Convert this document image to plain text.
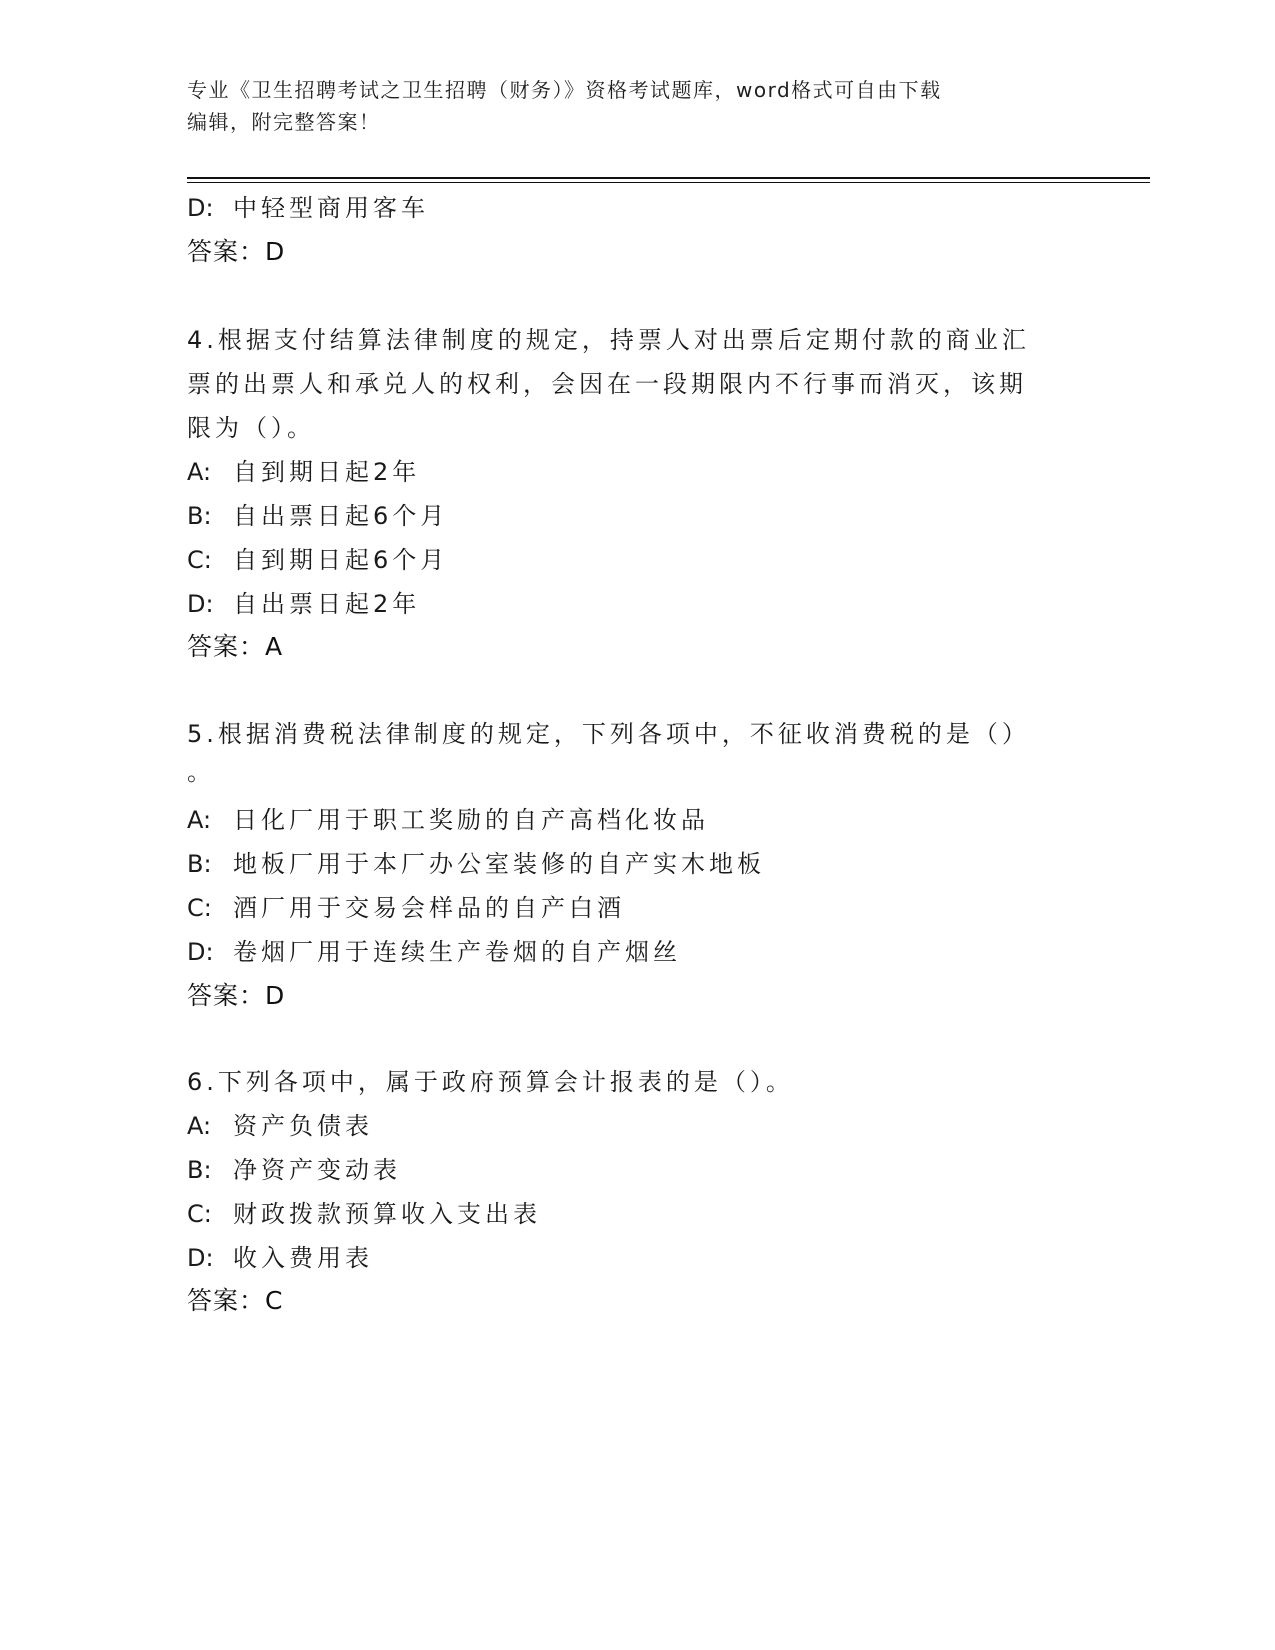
专业《卫生招聘考试之卫生招聘（财务）》资格考试题库，word格式可自由下载
编辑，附完整答案！
D: 中轻型商用客车
答案：D
4.根据支付结算法律制度的规定，持票人对出票后定期付款的商业汇
票的出票人和承兑人的权利，会因在一段期限内不行事而消灭，该期
限为（）。
A: 自到期日起2年
B: 自出票日起6个月
C: 自到期日起6个月
D: 自出票日起2年
答案：A
5.根据消费税法律制度的规定，下列各项中，不征收消费税的是（）
。
A: 日化厂用于职工奖励的自产高档化妆品
B: 地板厂用于本厂办公室装修的自产实木地板
C: 酒厂用于交易会样品的自产白酒
D: 卷烟厂用于连续生产卷烟的自产烟丝
答案：D
6.下列各项中，属于政府预算会计报表的是（）。
A: 资产负债表
B: 净资产变动表
C: 财政拨款预算收入支出表
D: 收入费用表
答案：C
